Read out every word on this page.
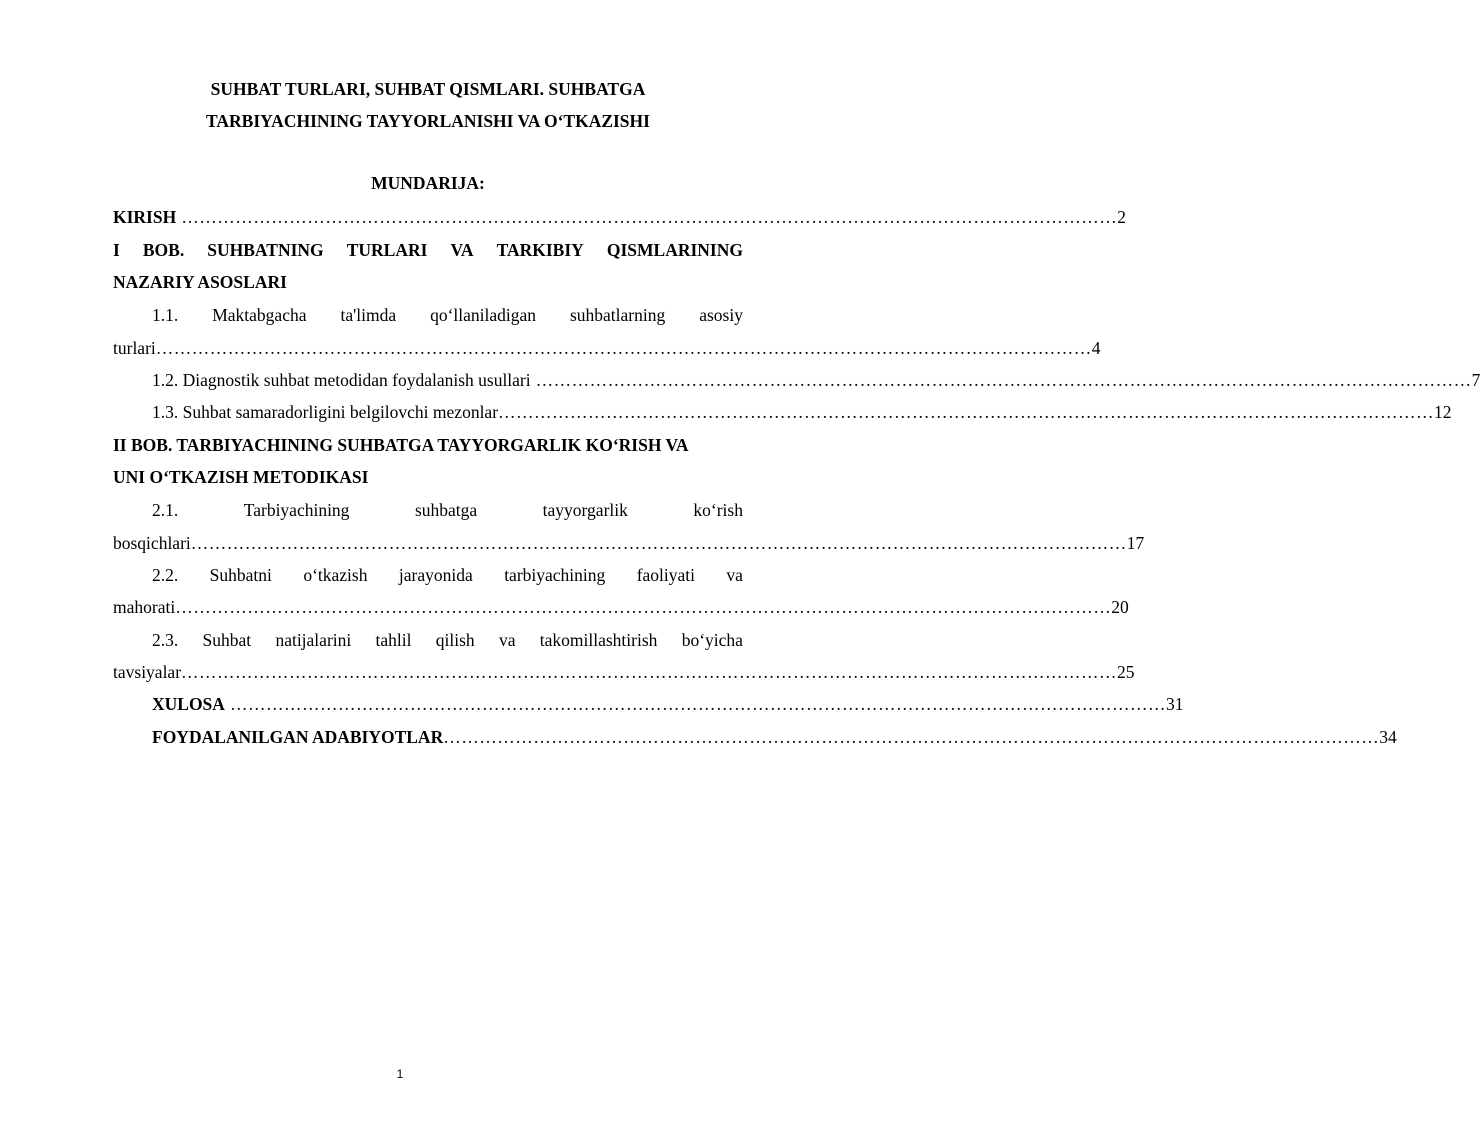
SUHBAT TURLARI, SUHBAT QISMLARI. SUHBATGA
TARBIYACHINING TAYYORLANISHI VA O‘TKAZISHI
MUNDARIJA:
KIRISH ………………………………………………………………………………………………………………………………………… 2
I BOB. SUHBATNING TURLARI VA TARKIBIY QISMLARINING
NAZARIY ASOSLARI
1.1. Maktabgacha ta'limda qo‘llaniladigan suhbatlarning asosiy
turlari ………………………………………………………………………………………………………………………………………… 4
1.2. Diagnostik suhbat metodidan foydalanish usullari ………………………………………………………………………………………………………………………………………… 7
1.3. Suhbat samaradorligini belgilovchi mezonlar ………………………………………………………………………………………………………………………………………… 12
II BOB. TARBIYACHINING SUHBATGA TAYYORGARLIK KO‘RISH VA
UNI O‘TKAZISH METODIKASI
2.1.	Tarbiyachining	suhbatga	tayyorgarlik	ko‘rish
bosqichlari ………………………………………………………………………………………………………………………………………… 17
2.2. Suhbatni o‘tkazish jarayonida tarbiyachining faoliyati va
mahorati ………………………………………………………………………………………………………………………………………… 20
2.3. Suhbat natijalarini tahlil qilish va takomillashtirish bo‘yicha
tavsiyalar ………………………………………………………………………………………………………………………………………… 25
XULOSA ………………………………………………………………………………………………………………………………………… 31
FOYDALANILGAN ADABIYOTLAR ………………………………………………………………………………………………………………………………………… 34
1
